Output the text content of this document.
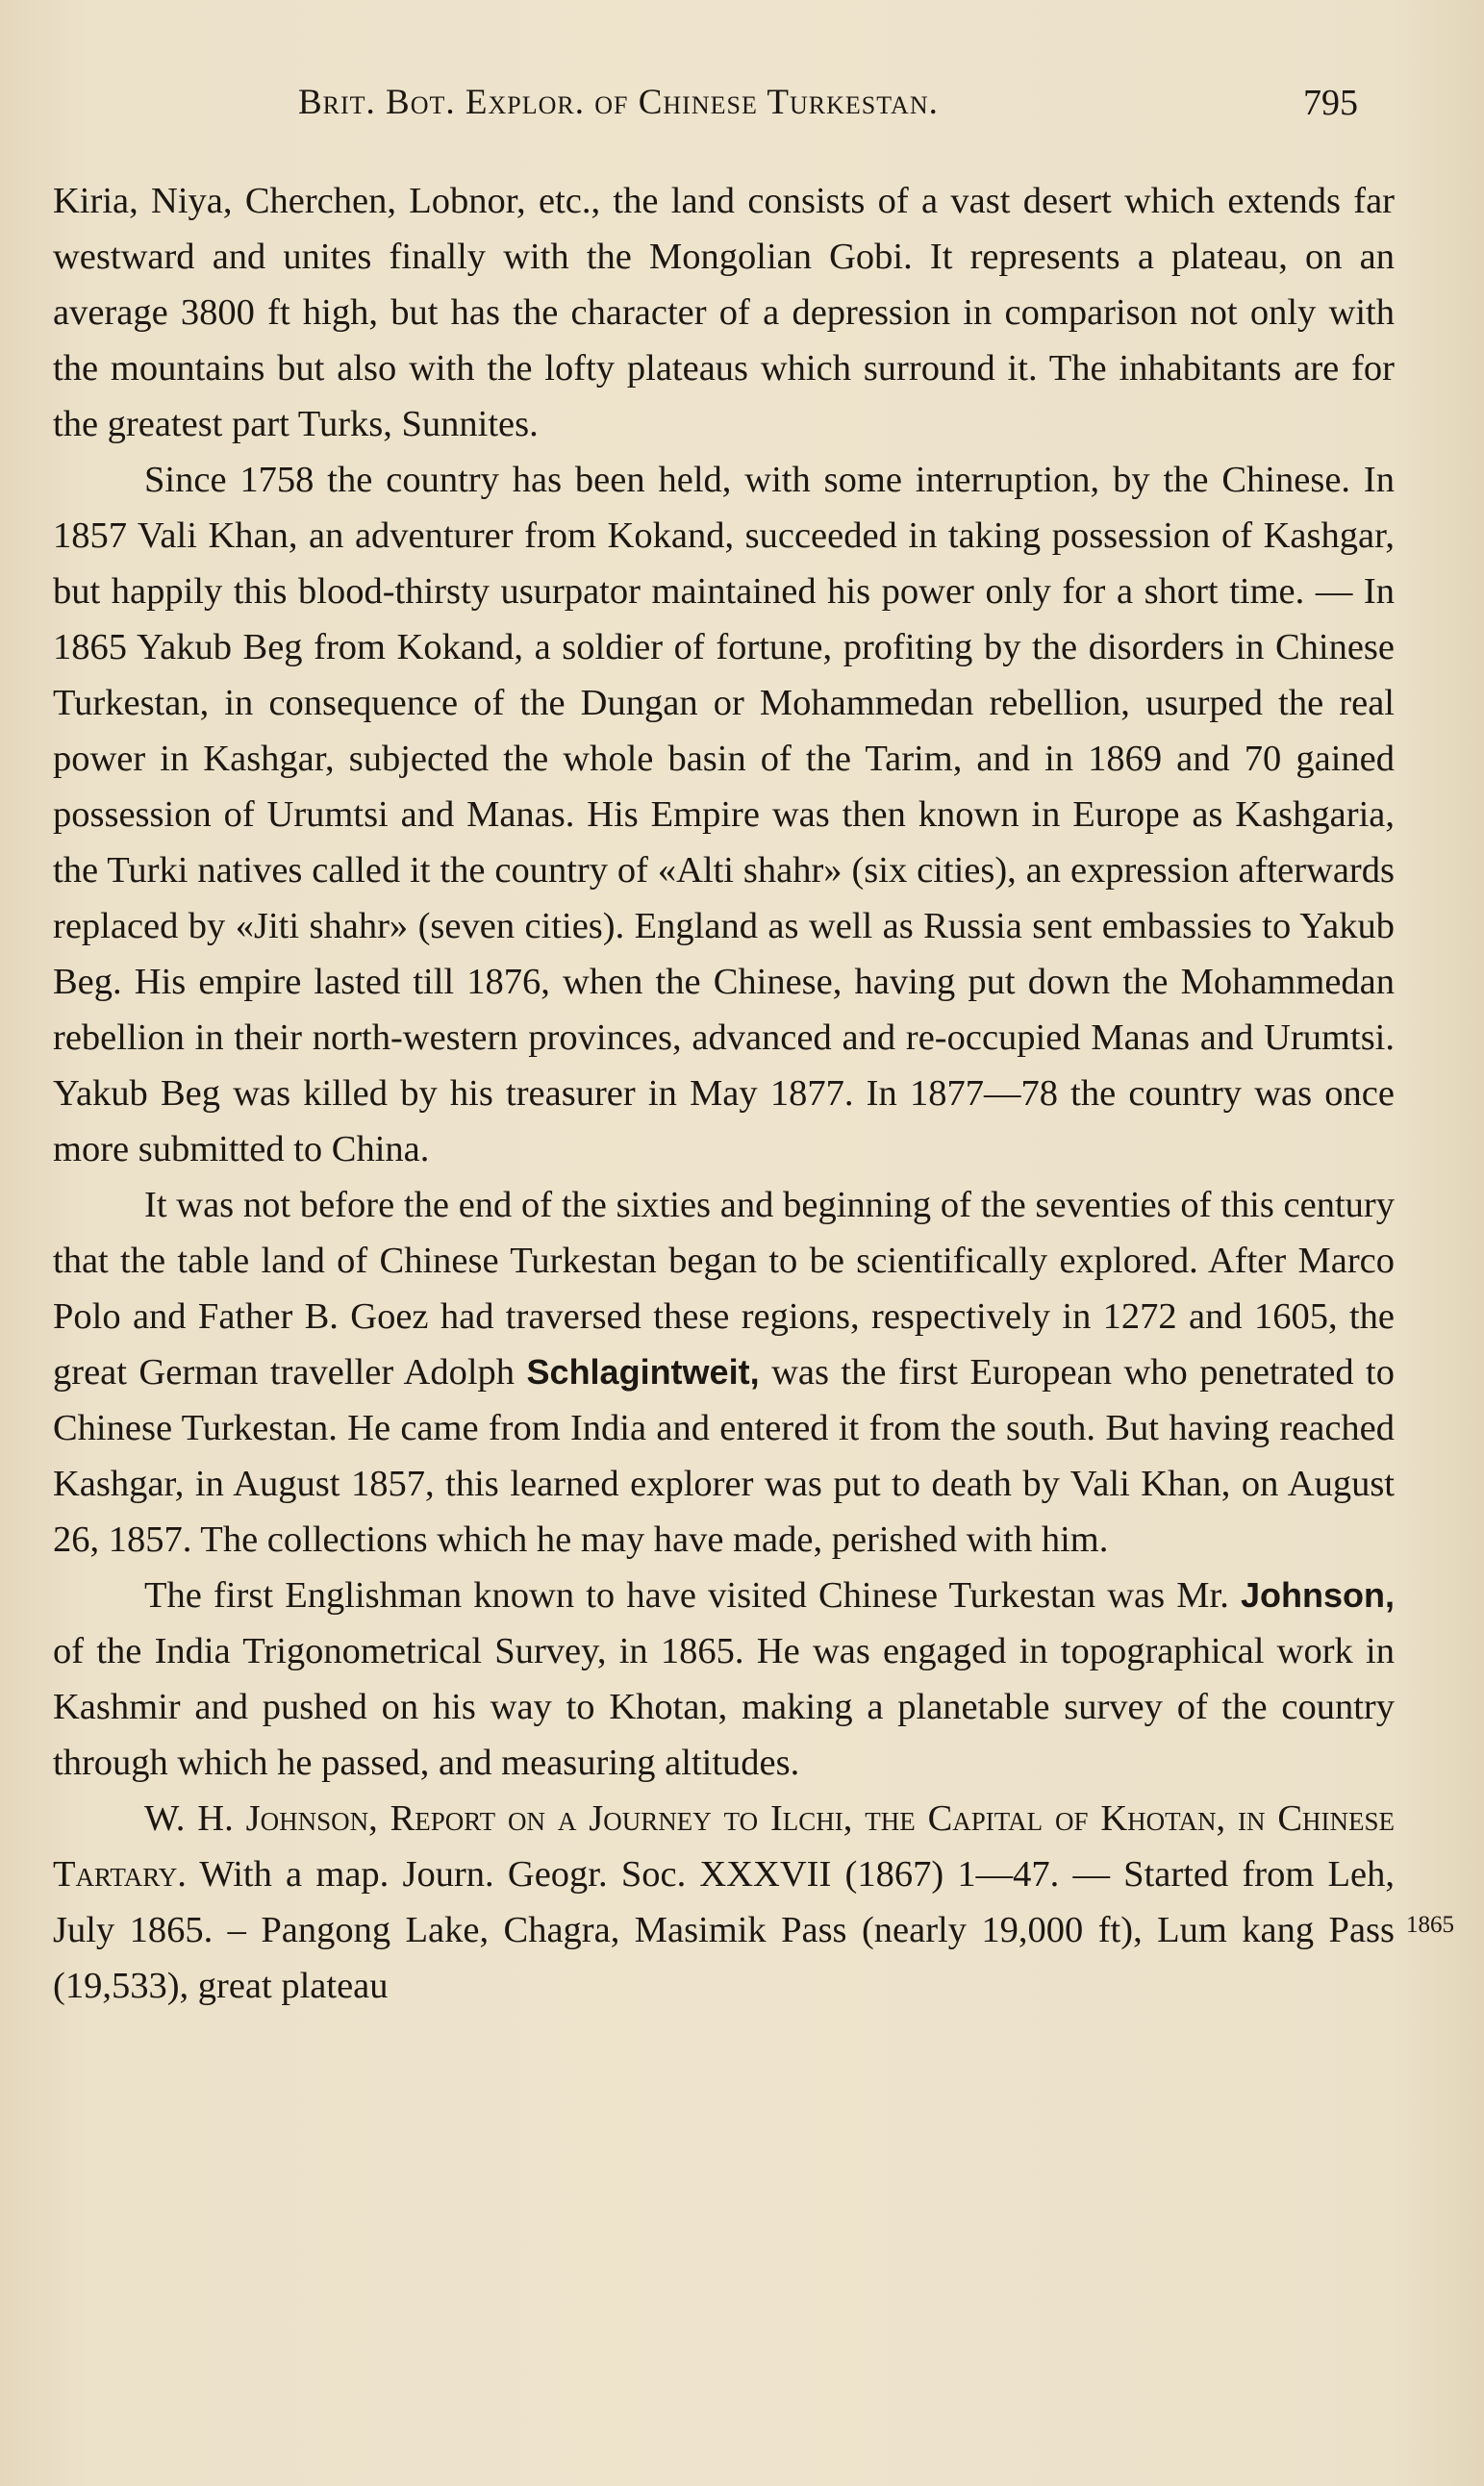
Brit. Bot. Explor. of Chinese Turkestan.	795

Kiria, Niya, Cherchen, Lobnor, etc., the land consists of a vast desert which extends far westward and unites finally with the Mongolian Gobi. It represents a plateau, on an average 3800 ft high, but has the character of a depression in comparison not only with the mountains but also with the lofty plateaus which surround it. The inhabitants are for the greatest part Turks, Sunnites.

Since 1758 the country has been held, with some interruption, by the Chinese. In 1857 Vali Khan, an adventurer from Kokand, succeeded in taking possession of Kashgar, but happily this blood-thirsty usurpator maintained his power only for a short time. — In 1865 Yakub Beg from Kokand, a soldier of fortune, profiting by the disorders in Chinese Turkestan, in consequence of the Dungan or Mohammedan rebellion, usurped the real power in Kashgar, subjected the whole basin of the Tarim, and in 1869 and 70 gained possession of Urumtsi and Manas. His Empire was then known in Europe as Kashgaria, the Turki natives called it the country of «Alti shahr» (six cities), an expression afterwards replaced by «Jiti shahr» (seven cities). England as well as Russia sent embassies to Yakub Beg. His empire lasted till 1876, when the Chinese, having put down the Mohammedan rebellion in their north-western provinces, advanced and re-occupied Manas and Urumtsi. Yakub Beg was killed by his treasurer in May 1877. In 1877—78 the country was once more submitted to China.

It was not before the end of the sixties and beginning of the seventies of this century that the table land of Chinese Turkestan began to be scientifically explored. After Marco Polo and Father B. Goez had traversed these regions, respectively in 1272 and 1605, the great German traveller Adolph Schlagintweit, was the first European who penetrated to Chinese Turkestan. He came from India and entered it from the south. But having reached Kashgar, in August 1857, this learned explorer was put to death by Vali Khan, on August 26, 1857. The collections which he may have made, perished with him.

The first Englishman known to have visited Chinese Turkestan was Mr. Johnson, of the India Trigonometrical Survey, in 1865. He was engaged in topographical work in Kashmir and pushed on his way to Khotan, making a planetable survey of the country through which he passed, and measuring altitudes.

W. H. Johnson, Report on a Journey to Ilchi, the Capital of Khotan, in Chinese Tartary. With a map. Journ. Geogr. Soc. XXXVII (1867) 1—47. — Started from Leh, July 1865. – Pangong Lake, Chagra, Masimik Pass (nearly 19,000 ft), Lum kang Pass (19,533), great plateau

1865
